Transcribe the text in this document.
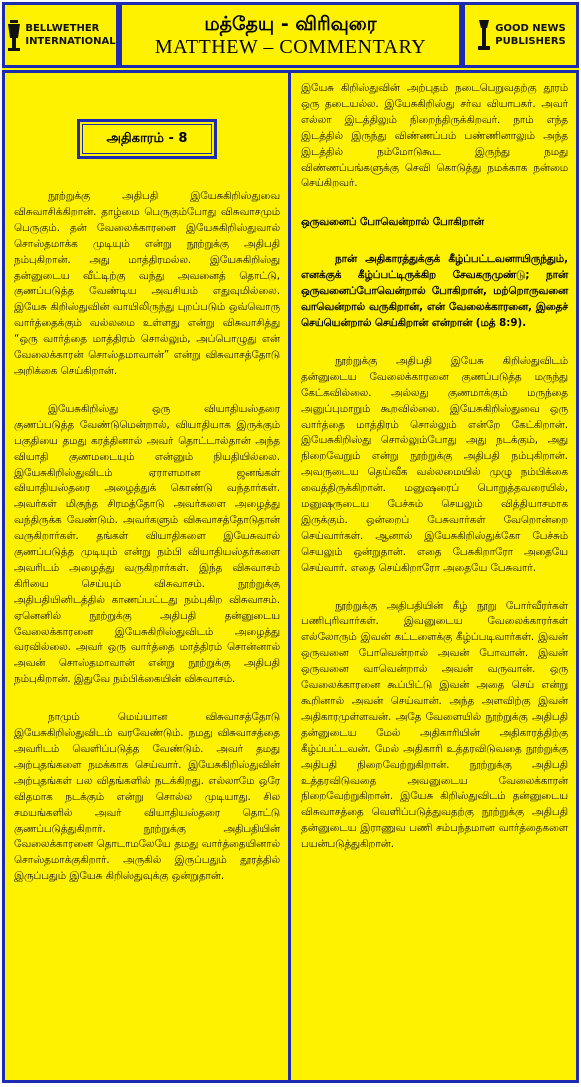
BELLWETHER
INTERNATIONAL
மத்தேயு - விரிவுரை
MATTHEW – COMMENTARY
GOOD NEWS
PUBLISHERS
அதிகாரம் - 8

நூற்றுக்கு அதிபதி இயேசுகிறிஸ்துவை விசுவாசிக்கிறான். தாழ்மை பெருகும்போது விசுவாசமும் பெருகும். தன் வேலைக்காரனை இயேசுகிறிஸ்துவால் சொஸ்தமாக்க முடியும் என்று நூற்றுக்கு அதிபதி நம்புகிறான். அது மாத்திரமல்ல. இயேசுகிறிஸ்து தன்னுடைய வீட்டிற்கு வந்து அவனைத் தொட்டு, குணப்படுத்த வேண்டிய அவசியம் எதுவுமில்லை. இயேசு கிறிஸ்துவின் வாயிலிருந்து புறப்படும் ஒவ்வொரு வார்த்தைக்கும் வல்லமை உள்ளது என்று விசுவாசித்து “ஒரு வார்த்தை மாத்திரம் சொல்லும், அப்பொழுது என் வேலைக்காரன் சொஸ்தமாவான்” என்று விசுவாசத்தோடு அறிக்கை செய்கிறான்.

இயேசுகிறிஸ்து ஒரு வியாதியஸ்தரை குணப்படுத்த வேண்டுமென்றால், வியாதியாக இருக்கும் பகுதியை தமது கரத்தினால் அவர் தொட்டால்தான் அந்த வியாதி குணமடையும் என்னும் நியதியில்லை. இயேசுகிறிஸ்துவிடம் ஏராளமான ஜனங்கள் வியாதியஸ்தரை அழைத்துக் கொண்டு வந்தார்கள். அவர்கள் மிகுந்த சிரமத்தோடு அவர்களை அழைத்து வந்திருக்க வேண்டும். அவர்களும் விசுவாசத்தோடுதான் வருகிறார்கள். தங்கள் வியாதிகளை இயேசுவால் குணப்படுத்த முடியும் என்று நம்பி வியாதியஸ்தர்களை அவரிடம் அழைத்து வருகிறார்கள். இந்த விசுவாசம் கிரியை செய்யும் விசுவாசம். நூற்றுக்கு அதிபதியினிடத்தில் காணப்பட்டது நம்புகிற விசுவாசம். ஏனெனில் நூற்றுக்கு அதிபதி தன்னுடைய வேலைக்காரனை இயேசுகிறிஸ்துவிடம் அழைத்து வரவில்லை. அவர் ஒரு வார்த்தை மாத்திரம் சொன்னால் அவன் சொஸ்தமாவான் என்று நூற்றுக்கு அதிபதி நம்புகிறான். இதுவே நம்பிக்கையின் விசுவாசம்.

நாமும் மெய்யான விசுவாசத்தோடு இயேசுகிறிஸ்துவிடம் வரவேண்டும். நமது விசுவாசத்தை அவரிடம் வெளிப்படுத்த வேண்டும். அவர் தமது அற்புதங்களை நமக்காக செய்வார். இயேசுகிறிஸ்துவின் அற்புதங்கள் பல விதங்களில் நடக்கிறது. எல்லாமே ஒரே விதமாக நடக்கும் என்று சொல்ல முடியாது. சில சமயங்களில் அவர் வியாதியஸ்தரை தொட்டு குணப்படுத்துகிறார். நூற்றுக்கு அதிபதியின் வேலைக்காரனை தொடாமலேயே தமது வார்த்தையினால் சொஸ்தமாக்குகிறார். அருகில் இருப்பதும் தூரத்தில் இருப்பதும் இயேசு கிறிஸ்துவுக்கு ஒன்றுதான்.

இயேசு கிறிஸ்துவின் அற்புதம் நடைபெறுவதற்கு தூரம் ஒரு தடையல்ல. இயேசுகிறிஸ்து சர்வ வியாபகர். அவர் எல்லா இடத்திலும் நிறைந்திருக்கிறவர். நாம் எந்த இடத்தில் இருந்து விண்ணப்பம் பண்ணினாலும் அந்த இடத்தில் நம்மோடுகூட இருந்து நமது விண்ணப்பங்களுக்கு செவி கொடுத்து நமக்காக நன்மை செய்கிறவர்.

ஒருவனைப் போவென்றால் போகிறான்
நான் அதிகாரத்துக்குக் கீழ்ப்பட்டவனாயிருந்தும், எனக்குக் கீழ்ப்பட்டிருக்கிற சேவகருமுண்டு; நான் ஒருவனைப்போவென்றால் போகிறான், மற்றொருவனை வாவென்றால் வருகிறான், என் வேலைக்காரனை, இதைச் செய்யென்றால் செய்கிறான் என்றான் (மத் 8:9).

நூற்றுக்கு அதிபதி இயேசு கிறிஸ்துவிடம் தன்னுடைய வேலைக்காரனை குணப்படுத்த மருந்து கேட்கவில்லை. அல்லது குணமாக்கும் மருந்தை அனுப்புமாறும் கூறவில்லை. இயேசுகிறிஸ்துவை ஒரு வார்த்தை மாத்திரம் சொல்லும் என்றே கேட்கிறான். இயேசுகிறிஸ்து சொல்லும்போது அது நடக்கும், அது நிறைவேறும் என்று நூற்றுக்கு அதிபதி நம்புகிறான். அவருடைய தெய்வீக வல்லமையில் முழு நம்பிக்கை வைத்திருக்கிறான். மனுஷரைப் பொறுத்தவரையில், மனுஷருடைய பேச்சும் செயலும் வித்தியாசமாக இருக்கும். ஒன்றைப் பேசுவார்கள் வேறொன்றை செய்வார்கள். ஆனால் இயேசுகிறிஸ்துக்கோ பேச்சும் செயலும் ஒன்றுதான். எதை பேசுகிறாரோ அதையே செய்வார். எதை செய்கிறாரோ அதையே பேசுவார்.

நூற்றுக்கு அதிபதியின் கீழ் நூறு போர்வீரர்கள் பணிபுரிவார்கள். இவனுடைய வேலைக்காரர்கள் எல்லோரும் இவன் கட்டளைக்கு கீழ்ப்படிவார்கள். இவன் ஒருவனை போவென்றால் அவன் போவான். இவன் ஒருவனை வாவென்றால் அவன் வருவான். ஒரு வேலைக்காரனை கூப்பிட்டு இவன் அதை செய் என்று கூறினால் அவன் செய்வான். அந்த அளவிற்கு இவன் அதிகாரமுள்ளவன். அதே வேளையில் நூற்றுக்கு அதிபதி தன்னுடைய மேல் அதிகாரியின் அதிகாரத்திற்கு கீழ்ப்பட்டவன். மேல் அதிகாரி உத்தரவிடுவதை நூற்றுக்கு அதிபதி நிறைவேற்றுகிறான். நூற்றுக்கு அதிபதி உத்தரவிடுவதை அவனுடைய வேலைக்காரன் நிறைவேற்றுகிறான். இயேசு கிறிஸ்துவிடம் தன்னுடைய விசுவாசத்தை வெளிப்படுத்துவதற்கு நூற்றுக்கு அதிபதி தன்னுடைய இராணுவ பணி சம்பந்தமான வார்த்தைகளை பயன்படுத்துகிறான்.
